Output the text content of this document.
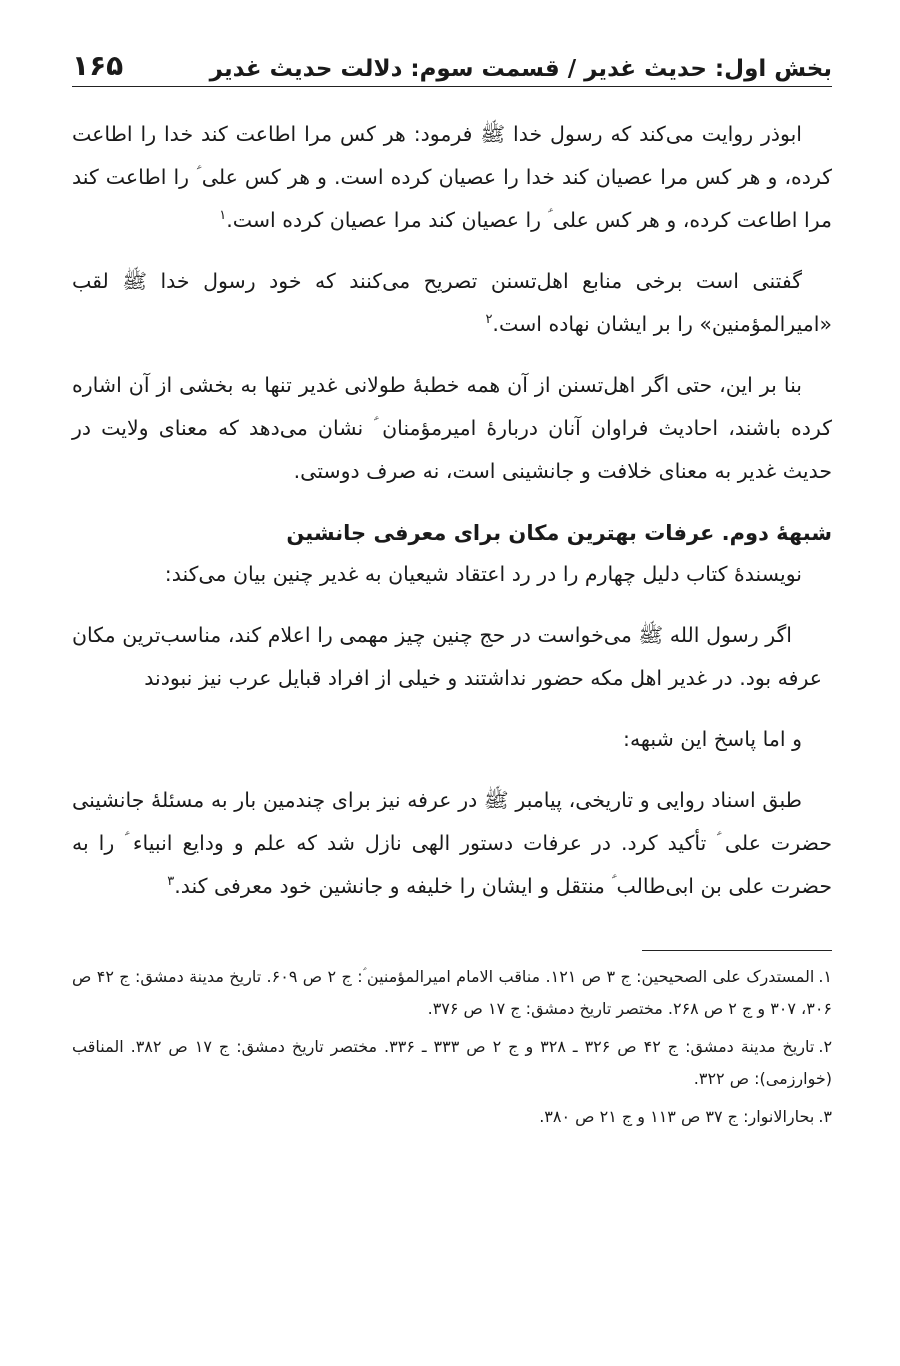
بخش اول: حدیث غدیر / قسمت سوم: دلالت حدیث غدیر
۱۶۵

ابوذر روایت می‌کند که رسول خدا ﷺ فرمود: هر کس مرا اطاعت کند خدا را اطاعت کرده، و هر کس مرا عصیان کند خدا را عصیان کرده است. و هر کس علی ؑ را اطاعت کند مرا اطاعت کرده، و هر کس علی ؑ را عصیان کند مرا عصیان کرده است.$^۱$

گفتنی است برخی منابع اهل‌تسنن تصریح می‌کنند که خود رسول خدا ﷺ لقب «امیرالمؤمنین» را بر ایشان نهاده است.$^۲$

بنا بر این، حتی اگر اهل‌تسنن از آن همه خطبهٔ طولانی غدیر تنها به بخشی از آن اشاره کرده باشند، احادیث فراوان آنان دربارهٔ امیرمؤمنان ؑ نشان می‌دهد که معنای ولایت در حدیث غدیر به معنای خلافت و جانشینی است، نه صرف دوستی.

شبههٔ دوم. عرفات بهترین مکان برای معرفی جانشین

نویسندهٔ کتاب دلیل چهارم را در رد اعتقاد شیعیان به غدیر چنین بیان می‌کند:

اگر رسول الله ﷺ می‌خواست در حج چنین چیز مهمی را اعلام کند، مناسب‌ترین مکان عرفه بود. در غدیر اهل مکه حضور نداشتند و خیلی از افراد قبایل عرب نیز نبودند

و اما پاسخ این شبهه:

طبق اسناد روایی و تاریخی، پیامبر ﷺ در عرفه نیز برای چندمین بار به مسئلهٔ جانشینی حضرت علی ؑ تأکید کرد. در عرفات دستور الهی نازل شد که علم و ودایع انبیاء ؑ را به حضرت علی بن ابی‌طالب ؑ منتقل و ایشان را خلیفه و جانشین خود معرفی کند.$^۳$

۱.المستدرک علی الصحیحین: ج ۳ ص ۱۲۱. مناقب الامام امیرالمؤمنین ؑ: ج ۲ ص ۶۰۹. تاریخ مدینة دمشق: ج ۴۲ ص ۳۰۶، ۳۰۷ و ج ۲ ص ۲۶۸. مختصر تاریخ دمشق: ج ۱۷ ص ۳۷۶.
۲.تاریخ مدینة دمشق: ج ۴۲ ص ۳۲۶ ـ ۳۲۸ و ج ۲ ص ۳۳۳ ـ ۳۳۶. مختصر تاریخ دمشق: ج ۱۷ ص ۳۸۲. المناقب (خوارزمی): ص ۳۲۲.
۳.بحارالانوار: ج ۳۷ ص ۱۱۳ و ج ۲۱ ص ۳۸۰.
